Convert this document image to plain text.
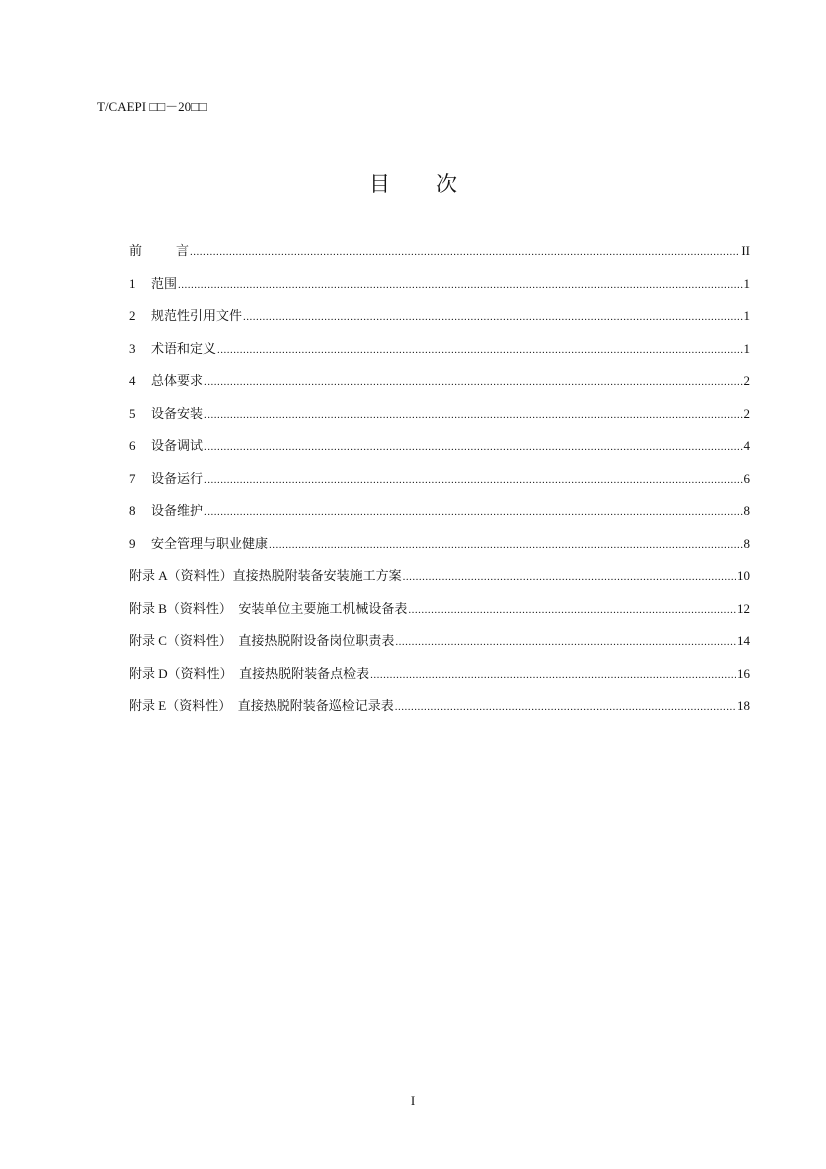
T/CAEPI □□－20□□
目 次
前	言 .....	II
1	范围 .....	1
2	规范性引用文件 .....	1
3	术语和定义 .....	1
4	总体要求 .....	2
5	设备安装 .....	2
6	设备调试 .....	4
7	设备运行 .....	6
8	设备维护 .....	8
9	安全管理与职业健康 .....	8
附录 A（资料性）直接热脱附装备安装施工方案 .....	10
附录 B（资料性）  安装单位主要施工机械设备表 .....	12
附录 C（资料性）  直接热脱附设备岗位职责表 .....	14
附录 D（资料性）  直接热脱附装备点检表 .....	16
附录 E（资料性）  直接热脱附装备巡检记录表 .....	18
I
